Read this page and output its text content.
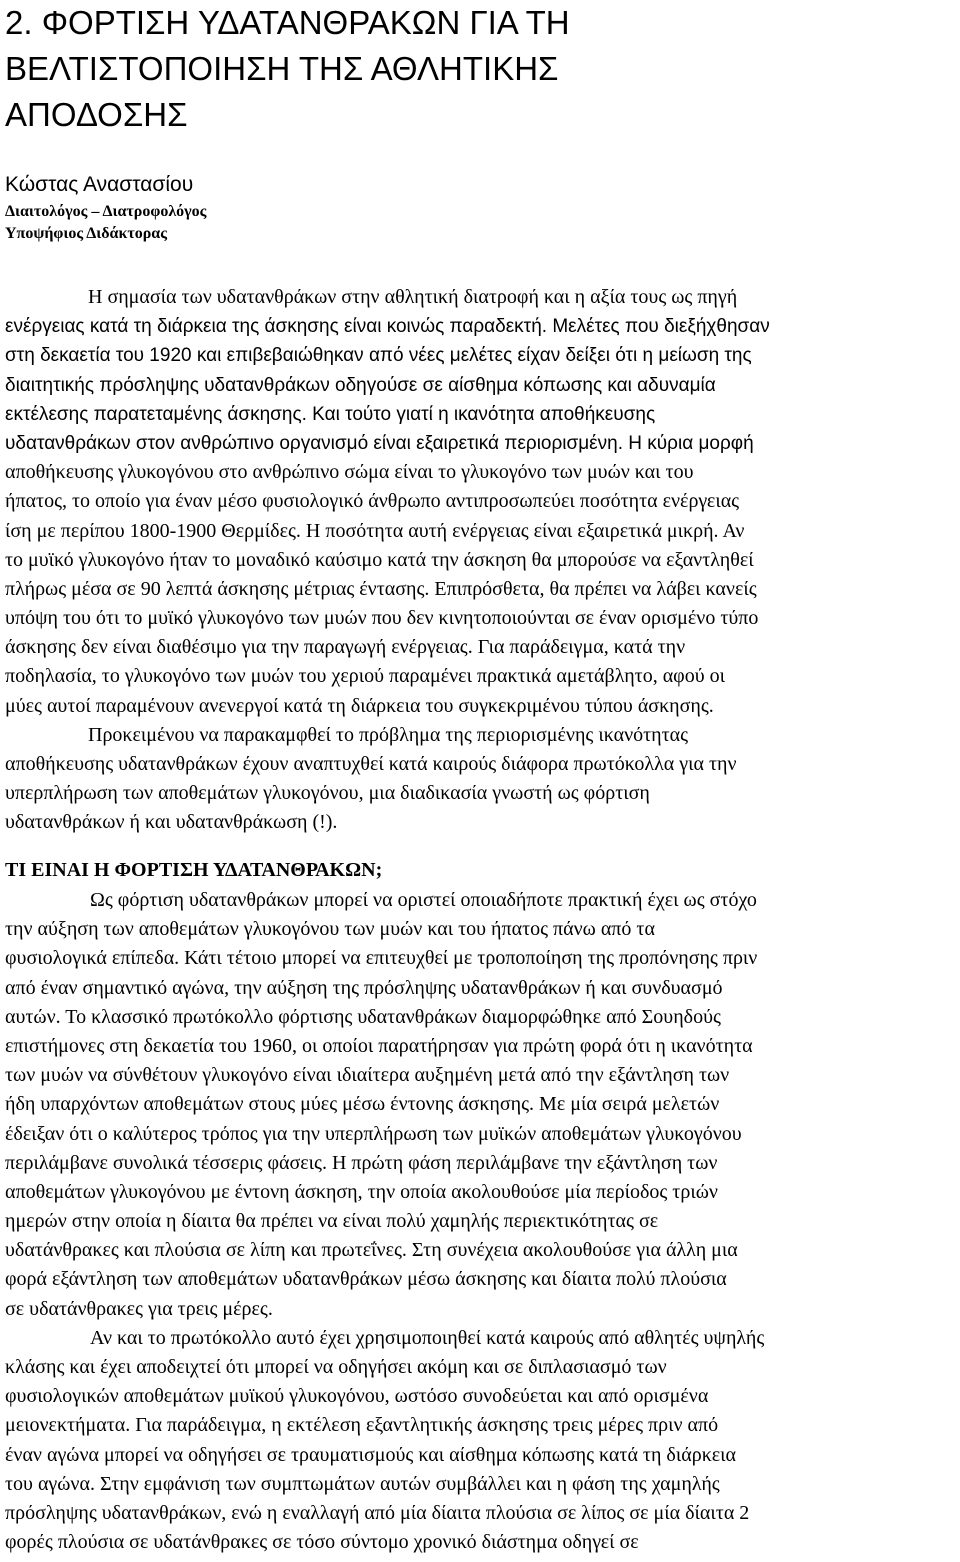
2. ΦΟΡΤΙΣΗ ΥΔΑΤΑΝΘΡΑΚΩΝ ΓΙΑ ΤΗ
ΒΕΛΤΙΣΤΟΠΟΙΗΣΗ ΤΗΣ ΑΘΛΗΤΙΚΗΣ
ΑΠΟΔΟΣΗΣ

Κώστας Αναστασίου

Διαιτολόγος – Διατροφολόγος
Υποψήφιος Διδάκτορας

Η σημασία των υδατανθράκων στην αθλητική διατροφή και η αξία τους ως πηγή
ενέργειας κατά τη διάρκεια της άσκησης είναι κοινώς παραδεκτή. Μελέτες που διεξήχθησαν
στη δεκαετία του 1920 και επιβεβαιώθηκαν από νέες μελέτες είχαν δείξει ότι η μείωση της
διαιτητικής πρόσληψης υδατανθράκων οδηγούσε σε αίσθημα κόπωσης και αδυναμία
εκτέλεσης παρατεταμένης άσκησης. Και τούτο γιατί η ικανότητα αποθήκευσης
υδατανθράκων στον ανθρώπινο οργανισμό είναι εξαιρετικά περιορισμένη. Η κύρια μορφή
αποθήκευσης γλυκογόνου στο ανθρώπινο σώμα είναι το γλυκογόνο των μυών και του
ήπατος, το οποίο για έναν μέσο φυσιολογικό άνθρωπο αντιπροσωπεύει ποσότητα ενέργειας
ίση με περίπου 1800-1900 Θερμίδες. Η ποσότητα αυτή ενέργειας είναι εξαιρετικά μικρή. Αν
το μυϊκό γλυκογόνο ήταν το μοναδικό καύσιμο κατά την άσκηση θα μπορούσε να εξαντληθεί
πλήρως μέσα σε 90 λεπτά άσκησης μέτριας έντασης. Επιπρόσθετα, θα πρέπει να λάβει κανείς
υπόψη του ότι το μυϊκό γλυκογόνο των μυών που δεν κινητοποιούνται σε έναν ορισμένο τύπο
άσκησης δεν είναι διαθέσιμο για την παραγωγή ενέργειας. Για παράδειγμα, κατά την
ποδηλασία, το γλυκογόνο των μυών του χεριού παραμένει πρακτικά αμετάβλητο, αφού οι
μύες αυτοί παραμένουν ανενεργοί κατά τη διάρκεια του συγκεκριμένου τύπου άσκησης.
Προκειμένου να παρακαμφθεί το πρόβλημα της περιορισμένης ικανότητας
αποθήκευσης υδατανθράκων έχουν αναπτυχθεί κατά καιρούς διάφορα πρωτόκολλα για την
υπερπλήρωση των αποθεμάτων γλυκογόνου, μια διαδικασία γνωστή ως φόρτιση
υδατανθράκων ή και υδατανθράκωση (!).
ΤΙ ΕΙΝΑΙ Η ΦΟΡΤΙΣΗ ΥΔΑΤΑΝΘΡΑΚΩΝ;
Ως φόρτιση υδατανθράκων μπορεί να οριστεί οποιαδήποτε πρακτική έχει ως στόχο
την αύξηση των αποθεμάτων γλυκογόνου των μυών και του ήπατος πάνω από τα
φυσιολογικά επίπεδα. Κάτι τέτοιο μπορεί να επιτευχθεί με τροποποίηση της προπόνησης πριν
από έναν σημαντικό αγώνα, την αύξηση της πρόσληψης υδατανθράκων ή και συνδυασμό
αυτών. Το κλασσικό πρωτόκολλο φόρτισης υδατανθράκων διαμορφώθηκε από Σουηδούς
επιστήμονες στη δεκαετία του 1960, οι οποίοι παρατήρησαν για πρώτη φορά ότι η ικανότητα
των μυών να σύνθέτουν γλυκογόνο είναι ιδιαίτερα αυξημένη μετά από την εξάντληση των
ήδη υπαρχόντων αποθεμάτων στους μύες μέσω έντονης άσκησης. Με μία σειρά μελετών
έδειξαν ότι ο καλύτερος τρόπος για την υπερπλήρωση των μυϊκών αποθεμάτων γλυκογόνου
περιλάμβανε συνολικά τέσσερις φάσεις. Η πρώτη φάση περιλάμβανε την εξάντληση των
αποθεμάτων γλυκογόνου με έντονη άσκηση, την οποία ακολουθούσε μία περίοδος τριών
ημερών στην οποία η δίαιτα θα πρέπει να είναι πολύ χαμηλής περιεκτικότητας σε
υδατάνθρακες και πλούσια σε λίπη και πρωτεΐνες. Στη συνέχεια ακολουθούσε για άλλη μια
φορά εξάντληση των αποθεμάτων υδατανθράκων μέσω άσκησης και δίαιτα πολύ πλούσια
σε υδατάνθρακες για τρεις μέρες.
Αν και το πρωτόκολλο αυτό έχει χρησιμοποιηθεί κατά καιρούς από αθλητές υψηλής
κλάσης και έχει αποδειχτεί ότι μπορεί να οδηγήσει ακόμη και σε διπλασιασμό των
φυσιολογικών αποθεμάτων μυϊκού γλυκογόνου, ωστόσο συνοδεύεται και από ορισμένα
μειονεκτήματα. Για παράδειγμα, η εκτέλεση εξαντλητικής άσκησης τρεις μέρες πριν από
έναν αγώνα μπορεί να οδηγήσει σε τραυματισμούς και αίσθημα κόπωσης κατά τη διάρκεια
του αγώνα. Στην εμφάνιση των συμπτωμάτων αυτών συμβάλλει και η φάση της χαμηλής
πρόσληψης υδατανθράκων, ενώ η εναλλαγή από μία δίαιτα πλούσια σε λίπος σε μία δίαιτα 2
φορές πλούσια σε υδατάνθρακες σε τόσο σύντομο χρονικό διάστημα οδηγεί σε
